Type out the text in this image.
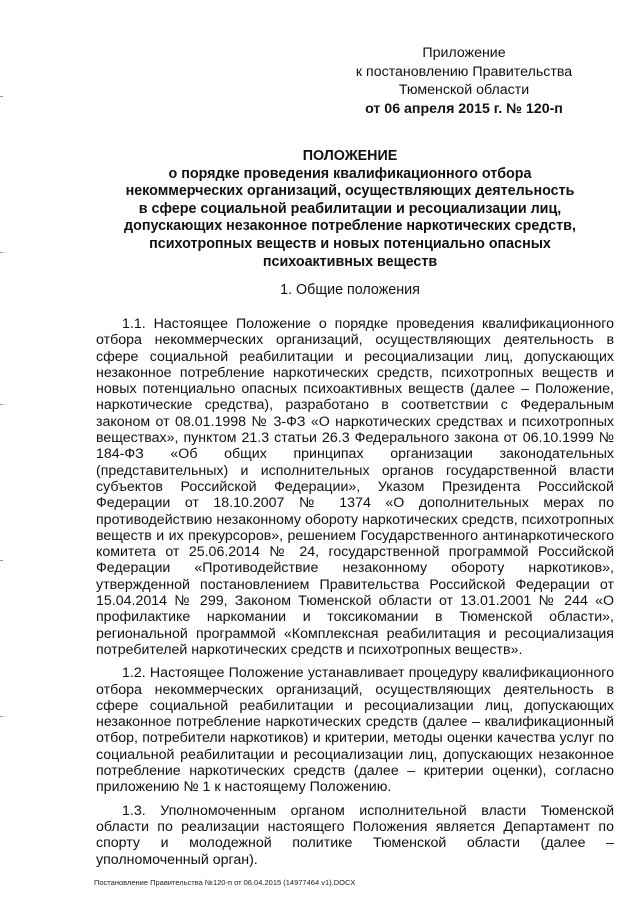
Приложение
к постановлению Правительства
Тюменской области
от 06 апреля 2015 г. № 120-п
ПОЛОЖЕНИЕ
о порядке проведения квалификационного отбора
некоммерческих организаций, осуществляющих деятельность
в сфере социальной реабилитации и ресоциализации лиц,
допускающих незаконное потребление наркотических средств,
психотропных веществ и новых потенциально опасных
психоактивных веществ
1. Общие положения

1.1. Настоящее Положение о порядке проведения квалификационного отбора некоммерческих организаций, осуществляющих деятельность в сфере социальной реабилитации и ресоциализации лиц, допускающих незаконное потребление наркотических средств, психотропных веществ и новых потенциально опасных психоактивных веществ (далее – Положение, наркотические средства), разработано в соответствии с Федеральным законом от 08.01.1998 № 3-ФЗ «О наркотических средствах и психотропных веществах», пунктом 21.3 статьи 26.3 Федерального закона от 06.10.1999 № 184-ФЗ «Об общих принципах организации законодательных (представительных) и исполнительных органов государственной власти субъектов Российской Федерации», Указом Президента Российской Федерации от 18.10.2007 № 1374 «О дополнительных мерах по противодействию незаконному обороту наркотических средств, психотропных веществ и их прекурсоров», решением Государственного антинаркотического комитета от 25.06.2014 № 24, государственной программой Российской Федерации «Противодействие незаконному обороту наркотиков», утвержденной постановлением Правительства Российской Федерации от 15.04.2014 № 299, Законом Тюменской области от 13.01.2001 № 244 «О профилактике наркомании и токсикомании в Тюменской области», региональной программой «Комплексная реабилитация и ресоциализация потребителей наркотических средств и психотропных веществ».

1.2. Настоящее Положение устанавливает процедуру квалификационного отбора некоммерческих организаций, осуществляющих деятельность в сфере социальной реабилитации и ресоциализации лиц, допускающих незаконное потребление наркотических средств (далее – квалификационный отбор, потребители наркотиков) и критерии, методы оценки качества услуг по социальной реабилитации и ресоциализации лиц, допускающих незаконное потребление наркотических средств (далее – критерии оценки), согласно приложению № 1 к настоящему Положению.

1.3. Уполномоченным органом исполнительной власти Тюменской области по реализации настоящего Положения является Департамент по спорту и молодежной политике Тюменской области (далее – уполномоченный орган).

Постановление Правительства №120-п от 06.04.2015 (14977464 v1).DOCX
